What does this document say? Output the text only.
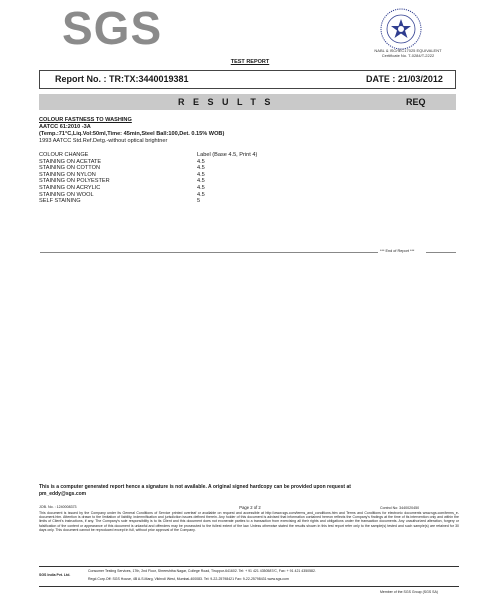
SGS	NABL & ISO/IEC17025 EQUIVALENT
Certificate No. T-0284/T-2222
TEST REPORT
Report No. : TR:TX:3440019381	DATE : 21/03/2012
RESULTS	REQ
COLOUR FASTNESS TO WASHING
AATCC 61:2010 -3A
(Temp.:71°C,Liq.Vol:50ml,Time: 45min,Steel Ball:100,Det. 0.15% WOB)
1993 AATCC Std.Ref.Detg.-without optical brightner
COLOUR CHANGE	Label (Base 4.5, Print 4)
STAINING ON ACETATE	4.5
STAINING ON COTTON	4.5
STAINING ON NYLON	4.5
STAINING ON POLYESTER	4.5
STAINING ON ACRYLIC	4.5
STAINING ON WOOL	4.5
SELF STAINING	5
*** End of Report ***
This is a computer generated report hence a signature is not available. A original signed hardcopy can be provided upon request at
pm_eddy@sgs.com
JOB. No. : 1240008373	Page 2 of 2	Control No: 3440020450
This document is issued by the Company under its General Conditions of Service printed overleaf or available on request and accessible at http://www.sgs.com/terms_and_conditions.htm and Terms and Conditions for electronic documents www.sgs.com/terms_e-document.htm. Attention is drawn to the limitation of liability, indemnification and jurisdiction issues defined therein. Any holder of this document is advised that information contained hereon reflects the Company's findings at the time of its intervention only and within the limits of Client's instructions, if any. The Company's sole responsibility is to its Client and this document does not exonerate parties to a transaction from exercising all their rights and obligations under the transaction documents. Any unauthorized alteration, forgery or falsification of the content or appearance of this document is unlawful and offenders may be prosecuted to the fullest extent of the law. Unless otherwise stated the results shown in this test report refer only to the sample(s) tested and such sample(s) are retained for 30 days only. This document cannot be reproduced except in full, without prior approval of the Company.
Consumer Testing Services, 17th, 2nd Floor, Shreeshtha Nagar, College Road, Tiruppur-641602. Tel: + 91 421 4350587/C, Fax: + 91 421 4350582.
SGS India Pvt. Ltd.
Regd.Corp.Off: SGS House, 4B A.S.Marg, Vikhroli West, Mumbai-400083. Tel: 9-22-25798421 Fax: 9-22-25798431 www.sgs.com
Member of the SGS Group (SGS SA)
